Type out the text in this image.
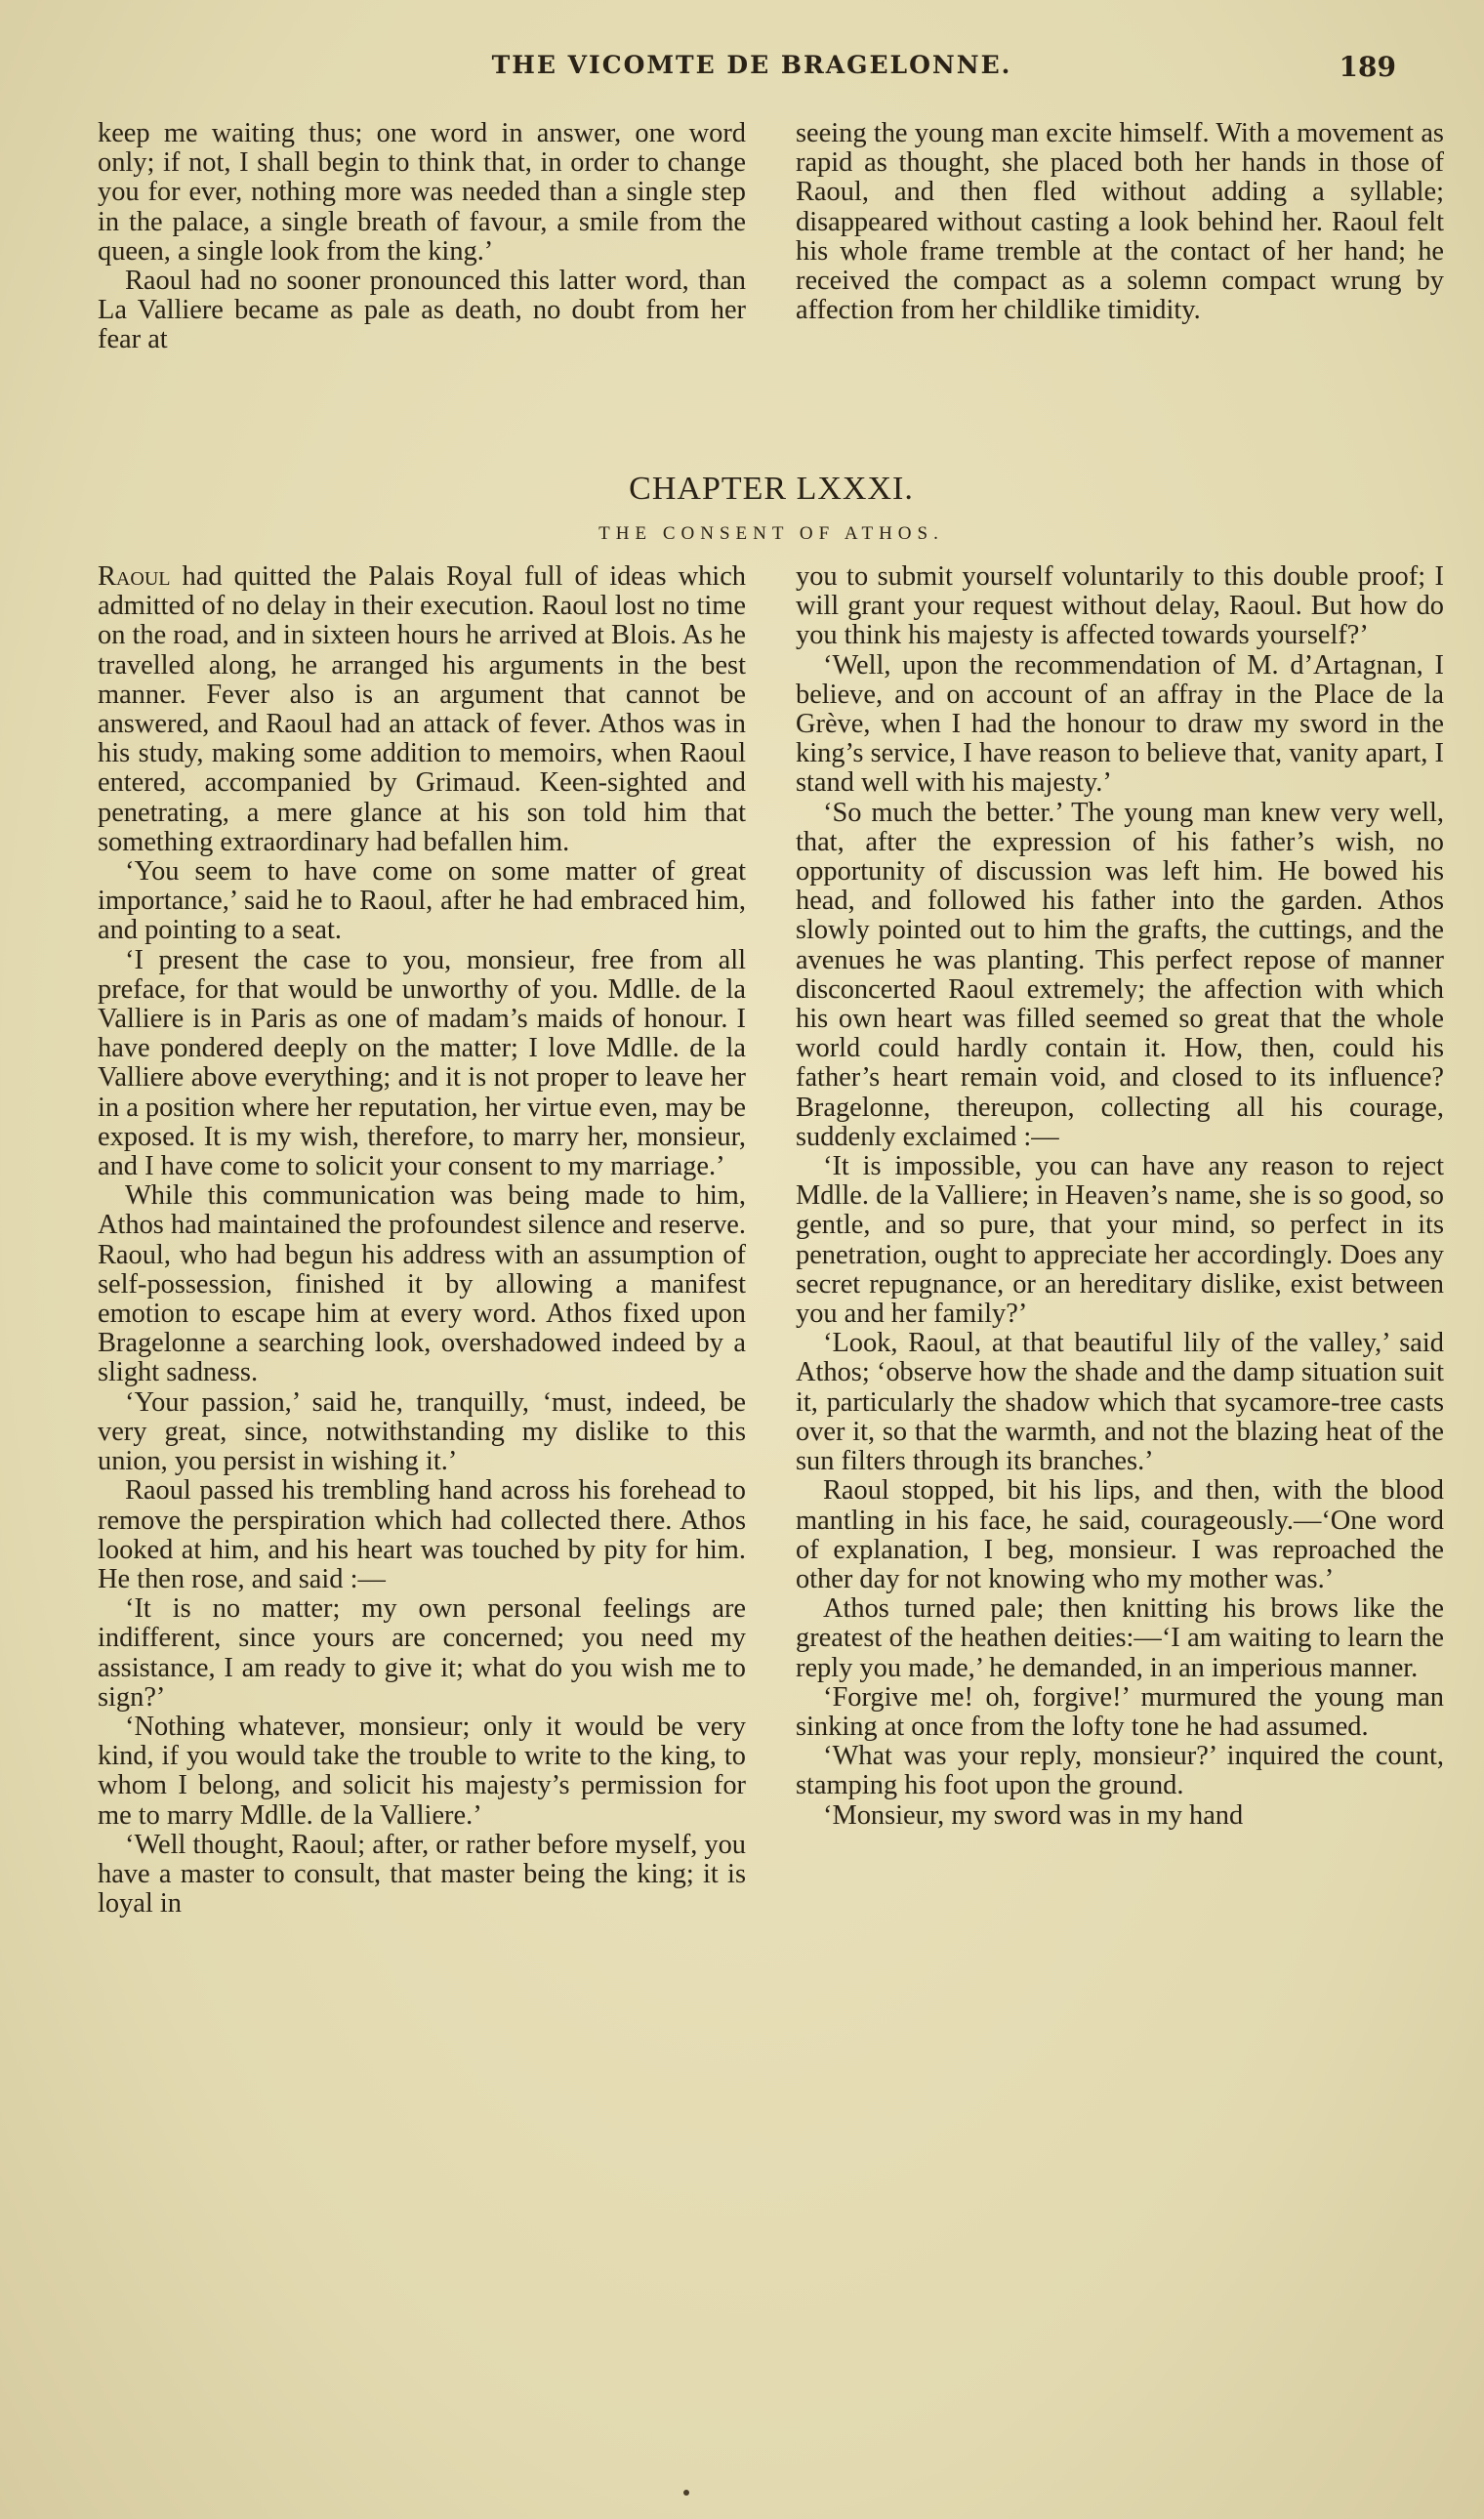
THE VICOMTE DE BRAGELONNE.	189

keep me waiting thus; one word in answer, one word only; if not, I shall begin to think that, in order to change you for ever, nothing more was needed than a single step in the palace, a single breath of favour, a smile from the queen, a single look from the king.’

Raoul had no sooner pronounced this latter word, than La Valliere became as pale as death, no doubt from her fear at

seeing the young man excite himself. With a movement as rapid as thought, she placed both her hands in those of Raoul, and then fled without adding a syllable; disappeared without casting a look behind her. Raoul felt his whole frame tremble at the contact of her hand; he received the compact as a solemn compact wrung by affection from her childlike timidity.

CHAPTER LXXXI.
THE CONSENT OF ATHOS.

Raoul had quitted the Palais Royal full of ideas which admitted of no delay in their execution. Raoul lost no time on the road, and in sixteen hours he arrived at Blois. As he travelled along, he arranged his arguments in the best manner. Fever also is an argument that cannot be answered, and Raoul had an attack of fever. Athos was in his study, making some addition to memoirs, when Raoul entered, accompanied by Grimaud. Keen-sighted and penetrating, a mere glance at his son told him that something extraordinary had befallen him.

‘You seem to have come on some matter of great importance,’ said he to Raoul, after he had embraced him, and pointing to a seat.

‘I present the case to you, monsieur, free from all preface, for that would be unworthy of you. Mdlle. de la Valliere is in Paris as one of madam’s maids of honour. I have pondered deeply on the matter; I love Mdlle. de la Valliere above everything; and it is not proper to leave her in a position where her reputation, her virtue even, may be exposed. It is my wish, therefore, to marry her, monsieur, and I have come to solicit your consent to my marriage.’

While this communication was being made to him, Athos had maintained the profoundest silence and reserve. Raoul, who had begun his address with an assumption of self-possession, finished it by allowing a manifest emotion to escape him at every word. Athos fixed upon Bragelonne a searching look, overshadowed indeed by a slight sadness.

‘Your passion,’ said he, tranquilly, ‘must, indeed, be very great, since, notwithstanding my dislike to this union, you persist in wishing it.’

Raoul passed his trembling hand across his forehead to remove the perspiration which had collected there. Athos looked at him, and his heart was touched by pity for him. He then rose, and said :—

‘It is no matter; my own personal feelings are indifferent, since yours are concerned; you need my assistance, I am ready to give it; what do you wish me to sign?’

‘Nothing whatever, monsieur; only it would be very kind, if you would take the trouble to write to the king, to whom I belong, and solicit his majesty’s permission for me to marry Mdlle. de la Valliere.’

‘Well thought, Raoul; after, or rather before myself, you have a master to consult, that master being the king; it is loyal in

you to submit yourself voluntarily to this double proof; I will grant your request without delay, Raoul. But how do you think his majesty is affected towards yourself?’

‘Well, upon the recommendation of M. d’Artagnan, I believe, and on account of an affray in the Place de la Grève, when I had the honour to draw my sword in the king’s service, I have reason to believe that, vanity apart, I stand well with his majesty.’

‘So much the better.’ The young man knew very well, that, after the expression of his father’s wish, no opportunity of discussion was left him. He bowed his head, and followed his father into the garden. Athos slowly pointed out to him the grafts, the cuttings, and the avenues he was planting. This perfect repose of manner disconcerted Raoul extremely; the affection with which his own heart was filled seemed so great that the whole world could hardly contain it. How, then, could his father’s heart remain void, and closed to its influence? Bragelonne, thereupon, collecting all his courage, suddenly exclaimed :—

‘It is impossible, you can have any reason to reject Mdlle. de la Valliere; in Heaven’s name, she is so good, so gentle, and so pure, that your mind, so perfect in its penetration, ought to appreciate her accordingly. Does any secret repugnance, or an hereditary dislike, exist between you and her family?’

‘Look, Raoul, at that beautiful lily of the valley,’ said Athos; ‘observe how the shade and the damp situation suit it, particularly the shadow which that sycamore-tree casts over it, so that the warmth, and not the blazing heat of the sun filters through its branches.’

Raoul stopped, bit his lips, and then, with the blood mantling in his face, he said, courageously.—‘One word of explanation, I beg, monsieur. I was reproached the other day for not knowing who my mother was.’

Athos turned pale; then knitting his brows like the greatest of the heathen deities:—‘I am waiting to learn the reply you made,’ he demanded, in an imperious manner.

‘Forgive me! oh, forgive!’ murmured the young man sinking at once from the lofty tone he had assumed.

‘What was your reply, monsieur?’ inquired the count, stamping his foot upon the ground.

‘Monsieur, my sword was in my hand
